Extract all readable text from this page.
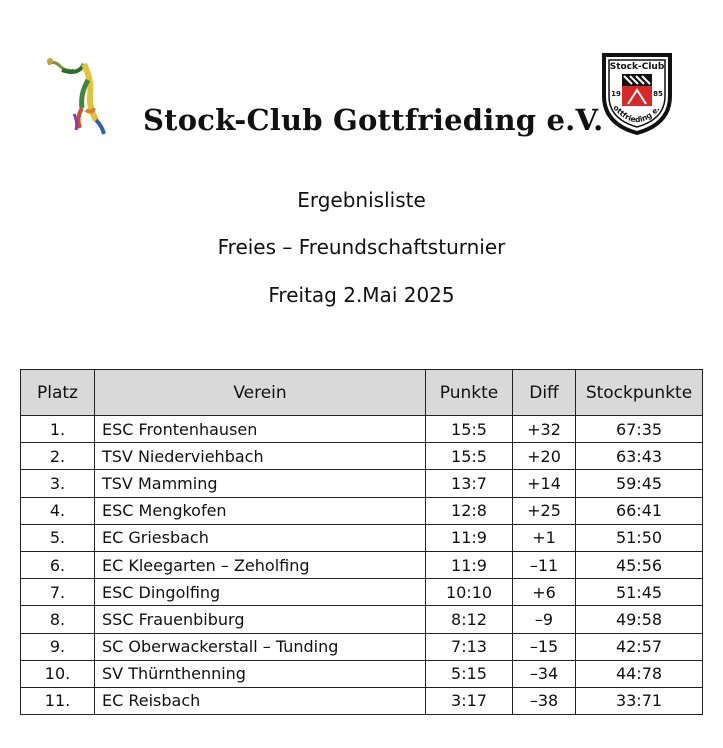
Stock-Club Gottfrieding e.V.
Stock-Club
19	85
ottfrieding e.
Ergebnisliste
Freies – Freundschaftsturnier
Freitag 2.Mai 2025
Platz	Verein	Punkte	Diff	Stockpunkte
1.	ESC Frontenhausen	15:5	+32	67:35
2.	TSV Niederviehbach	15:5	+20	63:43
3.	TSV Mamming	13:7	+14	59:45
4.	ESC Mengkofen	12:8	+25	66:41
5.	EC Griesbach	11:9	+1	51:50
6.	EC Kleegarten – Zeholfing	11:9	–11	45:56
7.	ESC Dingolfing	10:10	+6	51:45
8.	SSC Frauenbiburg	8:12	–9	49:58
9.	SC Oberwackerstall – Tunding	7:13	–15	42:57
10.	SV Thürnthenning	5:15	–34	44:78
11.	EC Reisbach	3:17	–38	33:71
